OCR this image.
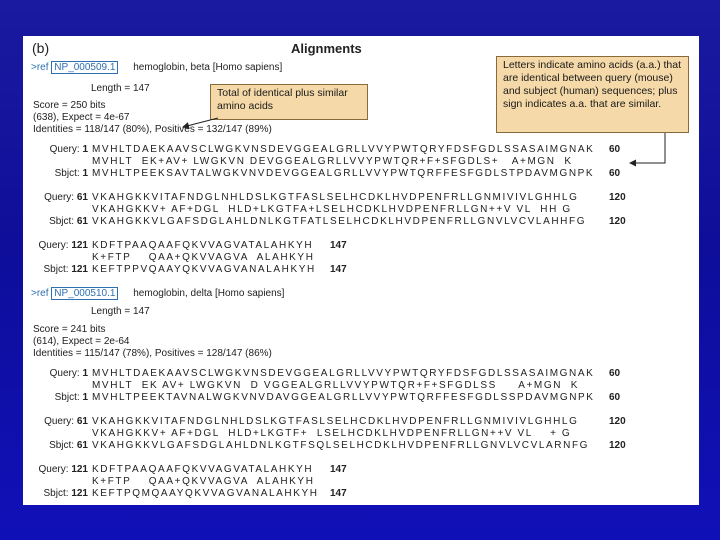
(b)	Alignments
>ref NP_000509.1 hemoglobin, beta [Homo sapiens]
Length = 147
Score = 250 bits
(638), Expect = 4e-67
Identities = 118/147 (80%), Positives = 132/147 (89%)
Query: 1 MVHLTDAEKAAVSCLWGKVNSDEVGGEALGRLLVVYPWTQRYFDSFGDLSSASAIMGNAK 60
MVHLT  EK+AV+ LWGKVN DEVGGEALGRLLVVYPWTQR+F+SFGDLS+   A+MGN  K
Sbjct: 1 MVHLTPEEKSAVTALWGKVNVDEVGGEALGRLLVVYPWTQRFFESFGDLSTPDAVMGNPK 60
Query: 61 VKAHGKKVITAFNDGLNHLDSLKGTFASLSELHCDKLHVDPENFRLLGNMIVIVLGHHLG	120
VKAHGKKV+ AF+DGL  HLD+LKGTFA+LSELHCDKLHVDPENFRLLGN++V VL  HH G
Sbjct: 61 VKAHGKKVLGAFSDGLAHLDNLKGTFATLSELHCDKLHVDPENFRLLGNVLVCVLAHHFG 120
Query: 121 KDFTPAAQAAFQKVVAGVATALAHKYH 147
K+FTP    QAA+QKVVAGVA  ALAHKYH
Sbjct: 121 KEFTPPVQAAYQKVVAGVANALAHKYH 147
>ref NP_000510.1 hemoglobin, delta [Homo sapiens]
Length = 147
Score = 241 bits
(614), Expect = 2e-64
Identities = 115/147 (78%), Positives = 128/147 (86%)
Query: 1 MVHLTDAEKAAVSCLWGKVNSDEVGGEALGRLLVVYPWTQRYFDSFGDLSSASAIMGNAK 60
MVHLT  EK AV+ LWGKVN  D VGGEALGRLLVVYPWTQR+F+SFGDLSS     A+MGN  K
Sbjct: 1 MVHLTPEEKTAVNALWGKVNVDAVGGEALGRLLVVYPWTQRFFESFGDLSSPDAVMGNPK 60
Query: 61 VKAHGKKVITAFNDGLNHLDSLKGTFASLSELHCDKLHVDPENFRLLGNMIVIVLGHHLG	120
VKAHGKKV+ AF+DGL  HLD+LKGTF+  LSELHCDKLHVDPENFRLLGN++V VL    + G
Sbjct: 61 VKAHGKKVLGAFSDGLAHLDNLKGTFSQLSELHCDKLHVDPENFRLLGNVLVCVLARNFG 120
Query: 121 KDFTPAAQAAFQKVVAGVATALAHKYH 147
K+FTP    QAA+QKVVAGVA  ALAHKYH
Sbjct: 121 KEFTPQMQAAYQKVVAGVANALAHKYH 147
Total of identical plus similar amino acids
Letters indicate amino acids (a.a.) that are identical between query (mouse) and subject (human) sequences; plus sign indicates a.a. that are similar.
